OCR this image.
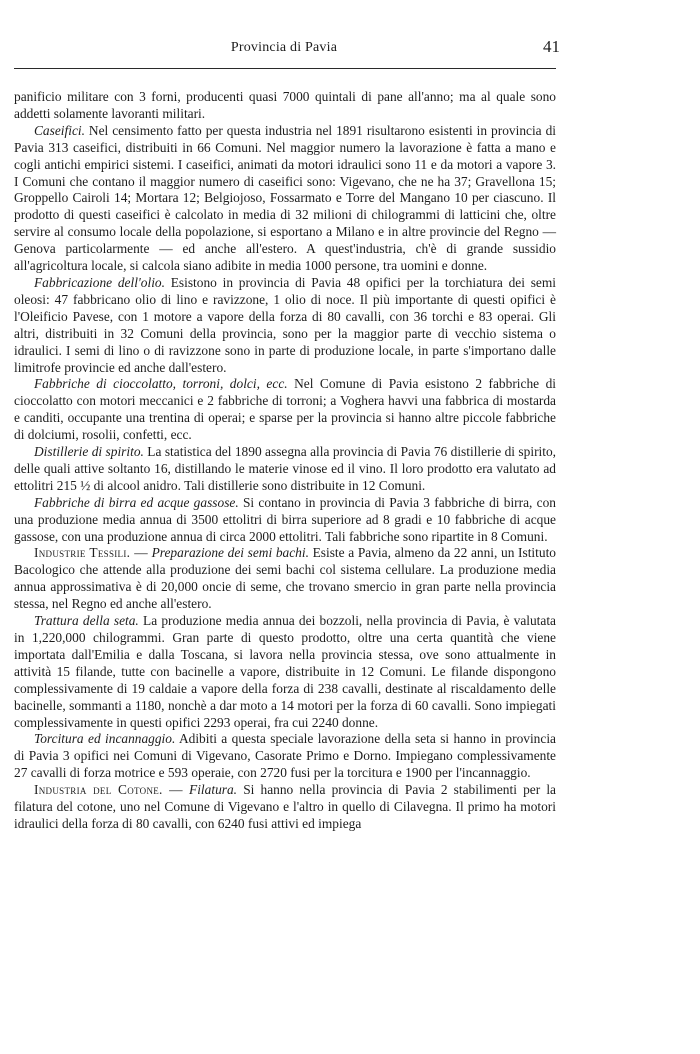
Provincia di Pavia	41

panificio militare con 3 forni, producenti quasi 7000 quintali di pane all'anno; ma al quale sono addetti solamente lavoranti militari.

Caseifici. Nel censimento fatto per questa industria nel 1891 risultarono esistenti in provincia di Pavia 313 caseifici, distribuiti in 66 Comuni. Nel maggior numero la lavorazione è fatta a mano e cogli antichi empirici sistemi. I caseifici, animati da motori idraulici sono 11 e da motori a vapore 3. I Comuni che contano il maggior numero di caseifici sono: Vigevano, che ne ha 37; Gravellona 15; Groppello Cairoli 14; Mortara 12; Belgiojoso, Fossarmato e Torre del Mangano 10 per ciascuno. Il prodotto di questi caseifici è calcolato in media di 32 milioni di chilogrammi di latticini che, oltre servire al consumo locale della popolazione, si esportano a Milano e in altre provincie del Regno — Genova particolarmente — ed anche all'estero. A quest'industria, ch'è di grande sussidio all'agricoltura locale, si calcola siano adibite in media 1000 persone, tra uomini e donne.

Fabbricazione dell'olio. Esistono in provincia di Pavia 48 opifici per la torchiatura dei semi oleosi: 47 fabbricano olio di lino e ravizzone, 1 olio di noce. Il più importante di questi opifici è l'Oleificio Pavese, con 1 motore a vapore della forza di 80 cavalli, con 36 torchi e 83 operai. Gli altri, distribuiti in 32 Comuni della provincia, sono per la maggior parte di vecchio sistema o idraulici. I semi di lino o di ravizzone sono in parte di produzione locale, in parte s'importano dalle limitrofe provincie ed anche dall'estero.

Fabbriche di cioccolatto, torroni, dolci, ecc. Nel Comune di Pavia esistono 2 fabbriche di cioccolatto con motori meccanici e 2 fabbriche di torroni; a Voghera havvi una fabbrica di mostarda e canditi, occupante una trentina di operai; e sparse per la provincia si hanno altre piccole fabbriche di dolciumi, rosolii, confetti, ecc.

Distillerie di spirito. La statistica del 1890 assegna alla provincia di Pavia 76 distillerie di spirito, delle quali attive soltanto 16, distillando le materie vinose ed il vino. Il loro prodotto era valutato ad ettolitri 215 ½ di alcool anidro. Tali distillerie sono distribuite in 12 Comuni.

Fabbriche di birra ed acque gassose. Si contano in provincia di Pavia 3 fabbriche di birra, con una produzione media annua di 3500 ettolitri di birra superiore ad 8 gradi e 10 fabbriche di acque gassose, con una produzione annua di circa 2000 ettolitri. Tali fabbriche sono ripartite in 8 Comuni.

Industrie Tessili. — Preparazione dei semi bachi. Esiste a Pavia, almeno da 22 anni, un Istituto Bacologico che attende alla produzione dei semi bachi col sistema cellulare. La produzione media annua approssimativa è di 20,000 oncie di seme, che trovano smercio in gran parte nella provincia stessa, nel Regno ed anche all'estero.

Trattura della seta. La produzione media annua dei bozzoli, nella provincia di Pavia, è valutata in 1,220,000 chilogrammi. Gran parte di questo prodotto, oltre una certa quantità che viene importata dall'Emilia e dalla Toscana, si lavora nella provincia stessa, ove sono attualmente in attività 15 filande, tutte con bacinelle a vapore, distribuite in 12 Comuni. Le filande dispongono complessivamente di 19 caldaie a vapore della forza di 238 cavalli, destinate al riscaldamento delle bacinelle, sommanti a 1180, nonchè a dar moto a 14 motori per la forza di 60 cavalli. Sono impiegati complessivamente in questi opifici 2293 operai, fra cui 2240 donne.

Torcitura ed incannaggio. Adibiti a questa speciale lavorazione della seta si hanno in provincia di Pavia 3 opifici nei Comuni di Vigevano, Casorate Primo e Dorno. Impiegano complessivamente 27 cavalli di forza motrice e 593 operaie, con 2720 fusi per la torcitura e 1900 per l'incannaggio.

Industria del Cotone. — Filatura. Si hanno nella provincia di Pavia 2 stabilimenti per la filatura del cotone, uno nel Comune di Vigevano e l'altro in quello di Cilavegna. Il primo ha motori idraulici della forza di 80 cavalli, con 6240 fusi attivi ed impiega
